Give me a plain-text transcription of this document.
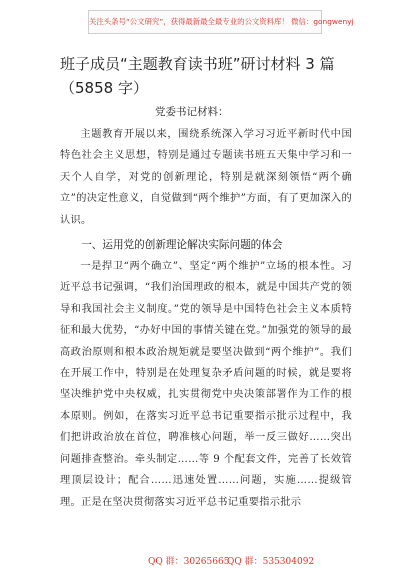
关注头条号“公文研究”，获得最新最全最专业的公文资料库！ 微信：gongwenyj
班子成员“主题教育读书班”研讨材料 3 篇（5858 字）
党委书记材料：

主题教育开展以来，围绕系统深入学习习近平新时代中国特色社会主义思想，特别是通过专题读书班五天集中学习和一天个人自学，对党的创新理论，特别是就深刻领悟“两个确立”的决定性意义，自觉做到“两个维护”方面，有了更加深入的认识。

一、运用党的创新理论解决实际问题的体会

一是捍卫“两个确立”、坚定“两个维护”立场的根本性。习近平总书记强调，“我们治国理政的根本，就是中国共产党的领导和我国社会主义制度。”党的领导是中国特色社会主义本质特征和最大优势，“办好中国的事情关键在党。”加强党的领导的最高政治原则和根本政治规矩就是要坚决做到“两个维护”。我们在开展工作中，特别是在处理复杂矛盾问题的时候，就是要将坚决维护党中央权威，扎实贯彻党中央决策部署作为工作的根本原则。例如，在落实习近平总书记重要指示批示过程中，我们把讲政治放在首位，聘准核心问题，举一反三做好……突出问题排查整治。牵头制定……等 9 个配套文件，完善了长效管理顶层设计；配合……迅速处置……问题，实施……提级管理。正是在坚决贯彻落实习近平总书记重要指示批示

QQ 群：30265665
QQ 群：535304092
